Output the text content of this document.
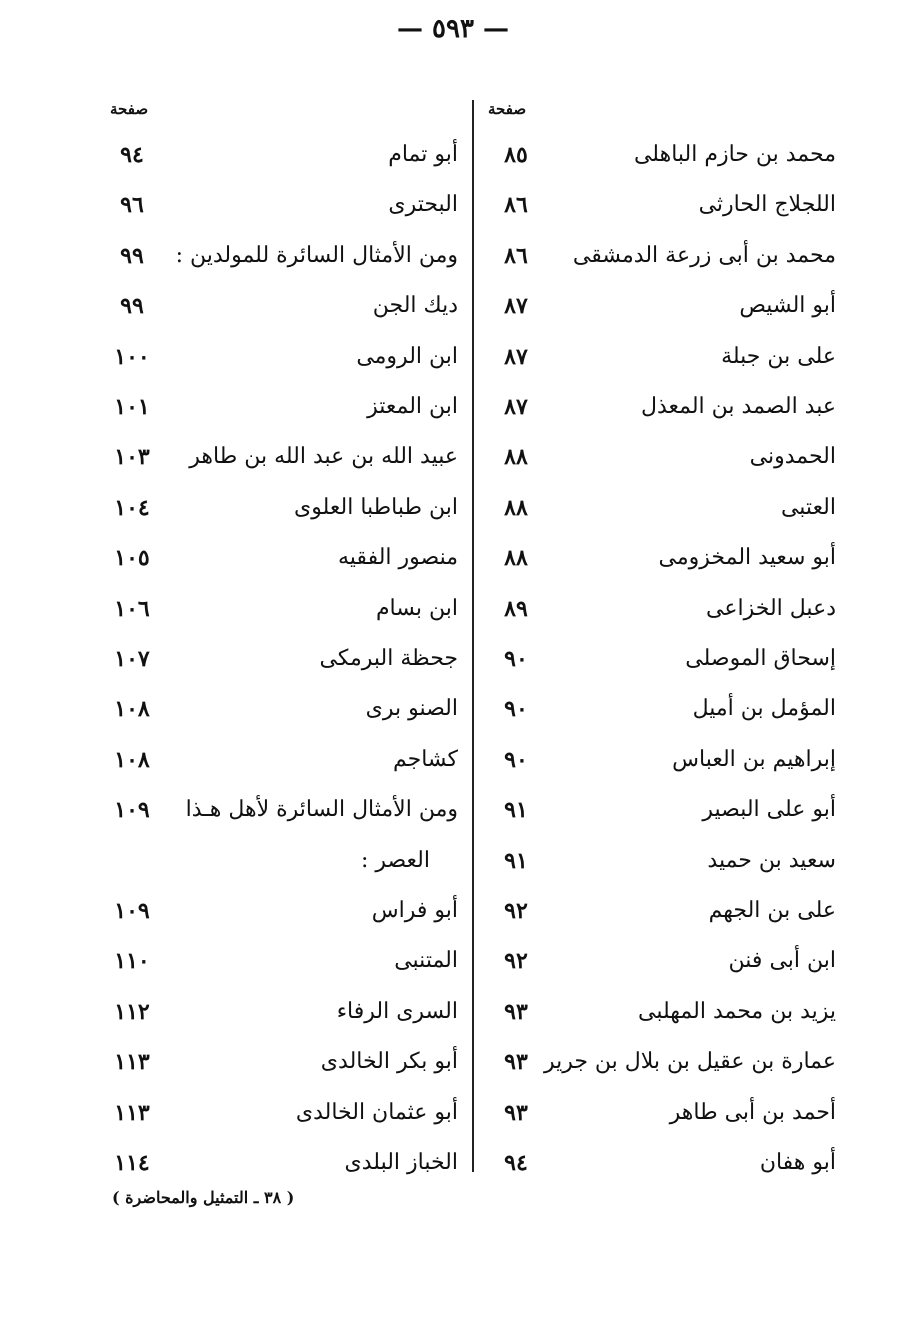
— ٥٩٣ —
صفحة
صفحة
محمد بن حازم الباهلى
٨٥
اللجلاج الحارثى
٨٦
محمد بن أبى زرعة الدمشقى
٨٦
أبو الشيص
٨٧
على بن جبلة
٨٧
عبد الصمد بن المعذل
٨٧
الحمدونى
٨٨
العتبى
٨٨
أبو سعيد المخزومى
٨٨
دعبل الخزاعى
٨٩
إسحاق الموصلى
٩٠
المؤمل بن أميل
٩٠
إبراهيم بن العباس
٩٠
أبو على البصير
٩١
سعيد بن حميد
٩١
على بن الجهم
٩٢
ابن أبى فنن
٩٢
يزيد بن محمد المهلبى
٩٣
عمارة بن عقيل بن بلال بن جرير
٩٣
أحمد بن أبى طاهر
٩٣
أبو هفان
٩٤
أبو تمام
٩٤
البحترى
٩٦
ومن الأمثال السائرة للمولدين :
٩٩
ديك الجن
٩٩
ابن الرومى
١٠٠
ابن المعتز
١٠١
عبيد الله بن عبد الله بن طاهر
١٠٣
ابن طباطبا العلوى
١٠٤
منصور الفقيه
١٠٥
ابن بسام
١٠٦
جحظة البرمكى
١٠٧
الصنو برى
١٠٨
كشاجم
١٠٨
ومن الأمثال السائرة لأهل هـذا
١٠٩
العصر :
أبو فراس
١٠٩
المتنبى
١١٠
السرى الرفاء
١١٢
أبو بكر الخالدى
١١٣
أبو عثمان الخالدى
١١٣
الخباز البلدى
١١٤
( ٣٨ ـ التمثيل والمحاضرة )
